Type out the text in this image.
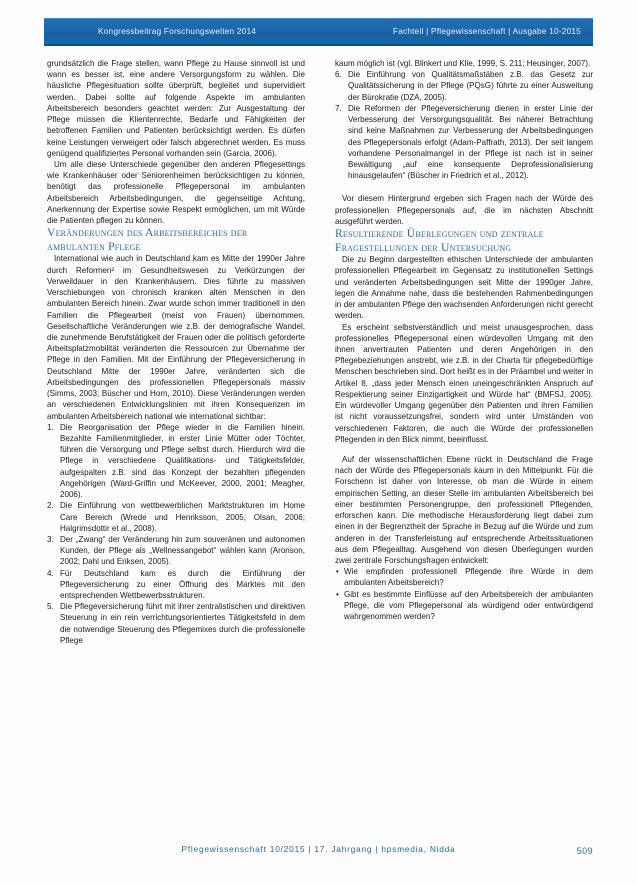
Kongressbeitrag Forschungswelten 2014	Fachteil | Pflegewissenschaft | Ausgabe 10-2015

grundsätzlich die Frage stellen, wann Pflege zu Hause sinnvoll ist und wann es besser ist, eine andere Versorgungsform zu wählen. Die häusliche Pflegesituation sollte überprüft, begleitet und supervidiert werden. Dabei sollte auf folgende Aspekte im ambulanten Arbeitsbereich besonders geachtet werden: Zur Ausgestaltung der Pflege müssen die Klientenrechte, Bedarfe und Fähigkeiten der betroffenen Familien und Patienten berücksichtigt werden. Es dürfen keine Leistungen verweigert oder falsch abgerechnet werden. Es muss genügend qualifiziertes Personal vorhanden sein (Garcia, 2006).

Um alle diese Unterschiede gegenüber den anderen Pflegesettings wie Krankenhäuser oder Seniorenheimen berücksichtigen zu können, benötigt das professionelle Pflegepersonal im ambulanten Arbeitsbereich Arbeitsbedingungen, die gegenseitige Achtung, Anerkennung der Expertise sowie Respekt ermöglichen, um mit Würde die Patienten pflegen zu können.

Veränderungen des Arbeitsbereiches der ambulanten Pflege

International wie auch in Deutschland kam es Mitte der 1990er Jahre durch Reformen² im Gesundheitswesen zu Verkürzungen der Verweildauer in den Krankenhäusern. Dies führte zu massiven Verschiebungen von chronisch kranken alten Menschen in den ambulanten Bereich hinein. Zwar wurde schon immer traditionell in den Familien die Pflegearbeit (meist von Frauen) übernommen. Gesellschaftliche Veränderungen wie z.B. der demografische Wandel, die zunehmende Berufstätigkeit der Frauen oder die politisch geforderte Arbeitsplatzmobilität veränderten die Ressourcen zur Übernahme der Pflege in den Familien. Mit der Einführung der Pflegeversicherung in Deutschland Mitte der 1990er Jahre, veränderten sich die Arbeitsbedingungen des professionellen Pflegepersonals massiv (Simms, 2003; Büscher und Horn, 2010). Diese Veränderungen werden an verschiedenen Entwicklungslinien mit ihren Konsequenzen im ambulanten Arbeitsbereich national wie international sichtbar:

1. Die Reorganisation der Pflege wieder in die Familien hinein. Bezahlte Familienmitglieder, in erster Linie Mütter oder Töchter, führen die Versorgung und Pflege selbst durch. Hierdurch wird die Pflege in verschiedene Qualifikations- und Tätigkeitsfelder, aufgespalten z.B. sind das Konzept der bezahlten pflegenden Angehörigen (Ward-Griffin und McKeever, 2000, 2001; Meagher, 2006).
2. Die Einführung von wettbewerblichen Marktstrukturen im Home Care Bereich (Wrede und Henriksson, 2005; Olsan, 2006; Halgrimsdottir et al., 2008).
3. Der „Zwang“ der Veränderung hin zum souveränen und autonomen Kunden, der Pflege als „Wellnessangebot“ wählen kann (Aronson, 2002; Dahl und Eriksen, 2005).
4. Für Deutschland kam es durch die Einführung der Pflegeversicherung zu einer Öffnung des Marktes mit den entsprechenden Wettbewerbsstrukturen.
5. Die Pflegeversicherung führt mit ihrer zentralistischen und direktiven Steuerung in ein rein verrichtungsorientiertes Tätigkeitsfeld in dem die notwendige Steuerung des Pflegemixes durch die professionelle Pflege

kaum möglich ist (vgl. Blinkert und Klie, 1999, S. 211; Heusinger, 2007).

6. Die Einführung von Qualitätsmaßstäben z.B. das Gesetz zur Qualitätssicherung in der Pflege (PQsG) führte zu einer Ausweitung der Bürokratie (DZA, 2005).
7. Die Reformen der Pflegeversicherung dienen in erster Linie der Verbesserung der Versorgungsqualität. Bei näherer Betrachtung sind keine Maßnahmen zur Verbesserung der Arbeitsbedingungen des Pflegepersonals erfolgt (Adam-Paffrath, 2013). Der seit langem vorhandene Personalmangel in der Pflege ist nach ist in seiner Bewältigung „auf eine konsequente Deprofessionalisierung hinausgelaufen“ (Büscher in Friedrich et al., 2012).

Vor diesem Hintergrund ergeben sich Fragen nach der Würde des professionellen Pflegepersonals auf, die im nächsten Abschnitt ausgeführt werden.

Resultierende Überlegungen und zentrale Fragestellungen der Untersuchung

Die zu Beginn dargestellten ethischen Unterschiede der ambulanten professionellen Pflegearbeit im Gegensatz zu institutionellen Settings und veränderten Arbeitsbedingungen seit Mitte der 1990ger Jahre, legen die Annahme nahe, dass die bestehenden Rahmenbedingungen in der ambulanten Pflege den wachsenden Anforderungen nicht gerecht werden.

Es erscheint selbstverständlich und meist unausgesprochen, dass professionelles Pflegepersonal einen würdevollen Umgang mit den ihnen anvertrauten Patienten und deren Angehörigen in den Pflegebeziehungen anstrebt, wie z.B. in der Charta für pflegebedürftige Menschen beschrieben sind. Dort heißt es in der Präambel und weiter in Artikel 8, „dass jeder Mensch einen uneingeschränkten Anspruch auf Respektierung seiner Einzigartigkeit und Würde hat“ (BMFSJ, 2005). Ein würdevoller Umgang gegenüber den Patienten und ihren Familien ist nicht voraussetzungsfrei, sondern wird unter Umständen von verschiedenen Faktoren, die auch die Würde der professionellen Pflegenden in den Blick nimmt, beeinflusst.

Auf der wissenschaftlichen Ebene rückt in Deutschland die Frage nach der Würde des Pflegepersonals kaum in den Mittelpunkt. Für die Forschenn ist daher von Interesse, ob man die Würde in einem empirischen Setting, an dieser Stelle im ambulanten Arbeitsbereich bei einer bestimmten Personengruppe, den professionell Pflegenden, erforschen kann. Die methodische Herausforderung liegt dabei zum einen in der Begrenztheit der Sprache in Bezug auf die Würde und zum anderen in der Transferleistung auf entsprechende Arbeitssituationen aus dem Pflegealltag. Ausgehend von diesen Überlegungen wurden zwei zentrale Forschungsfragen entwickelt:

• Wie empfinden professionell Pflegende ihre Würde in dem ambulanten Arbeitsbereich?
• Gibt es bestimmte Einflüsse auf den Arbeitsbereich der ambulanten Pflege, die vom Pflegepersonal als würdigend oder entwürdigend wahrgenommen werden?
Pflegewissenschaft 10/2015 | 17. Jahrgang | hpsmedia, Nidda	509
